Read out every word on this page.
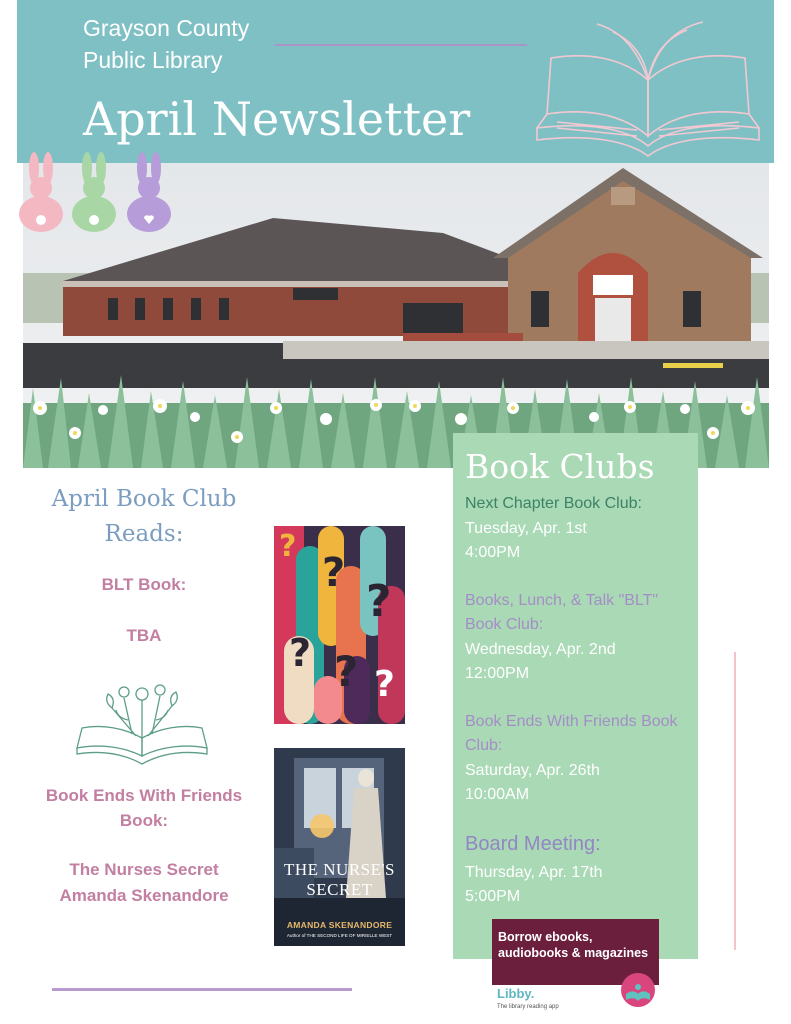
Grayson County Public Library
April Newsletter
April Book Club Reads:
BLT Book:
TBA
Book Ends With Friends Book:
The Nurses Secret
Amanda Skenandore
?
?
? ? ?
?
THE NURSE'S SECRET
AMANDA SKENANDORE
Author of THE SECOND LIFE OF MIRIELLE WEST
Book Clubs
Next Chapter Book Club:
Tuesday, Apr. 1st
4:00PM
Books, Lunch, & Talk "BLT" Book Club:
Wednesday, Apr. 2nd
12:00PM
Book Ends With Friends Book Club:
Saturday, Apr. 26th
10:00AM
Board Meeting:
Thursday, Apr. 17th
5:00PM
Borrow ebooks, audiobooks & magazines
Libby.
The library reading app
